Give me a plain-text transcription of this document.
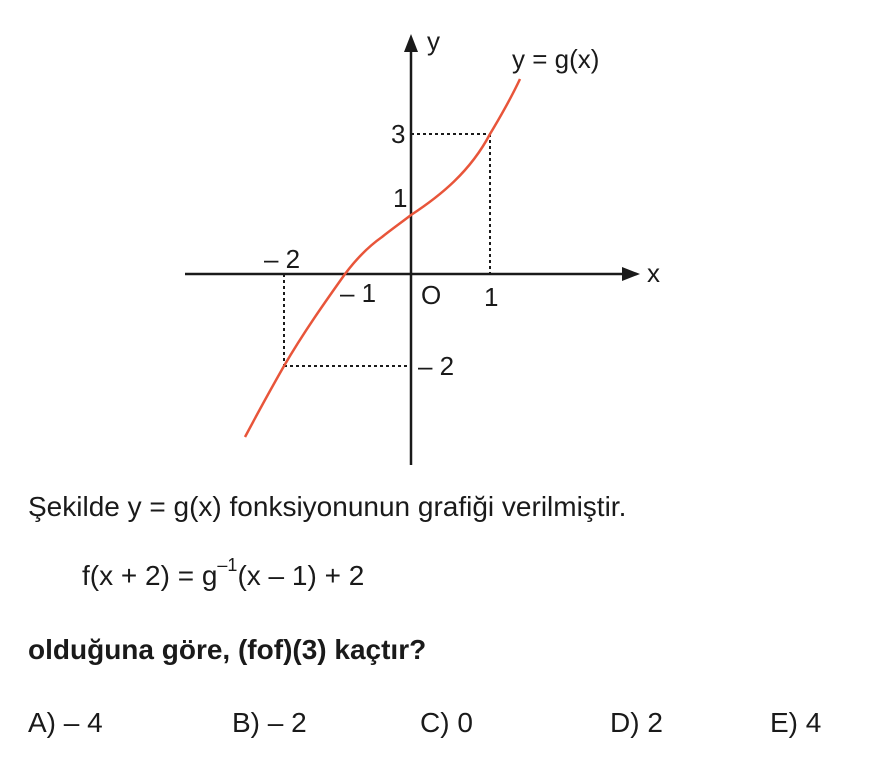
y
x
y = g(x)
O
– 1	1
– 2
3
1
– 2
Şekilde y = g(x) fonksiyonunun grafiği verilmiştir.
$f(x + 2) = g^{-1}(x - 1) + 2$
olduğuna göre, (fof)(3) kaçtır?
A) – 4	B) – 2	C) 0	D) 2	E) 4
